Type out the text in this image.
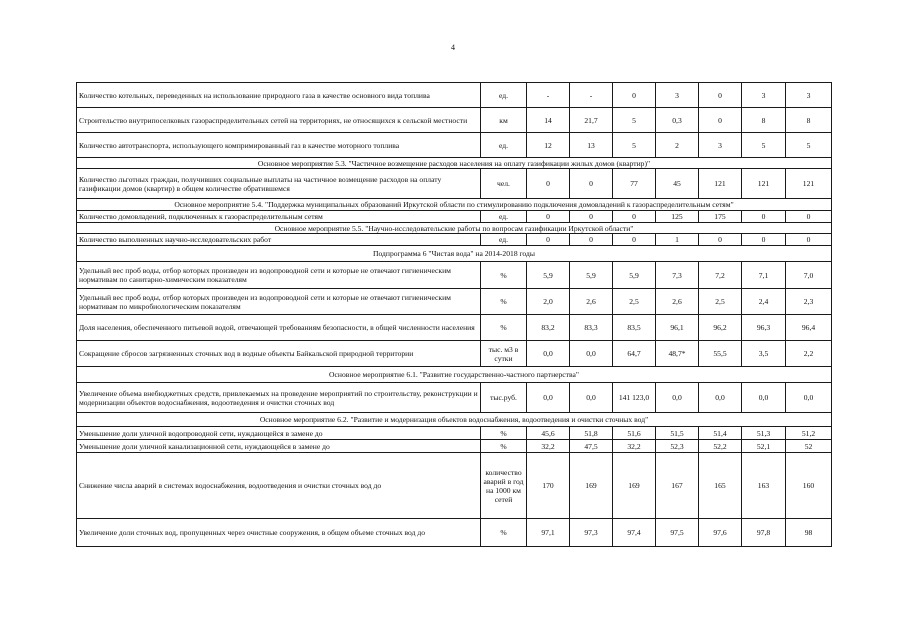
4
Количество котельных, переведенных на использование природного газа в качестве основного вида топлива	ед.	-	-	0	3	0	3	3
Строительство внутрипоселковых газораспределительных сетей на территориях, не относящихся к сельской местности	км	14	21,7	5	0,3	0	8	8
Количество автотранспорта, использующего компримированный газ в качестве моторного топлива	ед.	12	13	5	2	3	5	5
Основное мероприятие 5.3. "Частичное возмещение расходов населения на оплату газификации жилых домов (квартир)"								
Количество льготных граждан, получивших социальные выплаты на частичное возмещение расходов на оплату газификации домов (квартир) в общем количестве обратившемся	чел.	0	0	77	45	121	121	121
Основное мероприятие 5.4. "Поддержка муниципальных образований Иркутской области по стимулированию подключения домовладений к газораспределительным сетям"								
Количество домовладений, подключенных к газораспределительным сетям	ед.	0	0	0	125	175	0	0
Основное мероприятие 5.5. "Научно-исследовательские работы по вопросам газификации Иркутской области"								
Количество выполненных научно-исследовательских работ	ед.	0	0	0	1	0	0	0
Подпрограмма 6 "Чистая вода" на 2014-2018 годы								
Удельный вес проб воды, отбор которых произведен из водопроводной сети и которые не отвечают гигиеническим нормативам по санитарно-химическим показателям	%	5,9	5,9	5,9	7,3	7,2	7,1	7,0
Удельный вес проб воды, отбор которых произведен из водопроводной сети и которые не отвечают гигиеническим нормативам по микробиологическим показателям	%	2,0	2,6	2,5	2,6	2,5	2,4	2,3
Доля населения, обеспеченного питьевой водой, отвечающей требованиям безопасности, в общей численности населения	%	83,2	83,3	83,5	96,1	96,2	96,3	96,4
Сокращение сбросов загрязненных сточных вод в водные объекты Байкальской природной территории	тыс. м3 в сутки	0,0	0,0	64,7	48,7*	55,5	3,5	2,2
Основное мероприятие 6.1. "Развитие государственно-частного партнерства"								
Увеличение объема внебюджетных средств, привлекаемых на проведение мероприятий по строительству, реконструкции и модернизации объектов водоснабжения, водоотведения и очистки сточных вод	тыс.руб.	0,0	0,0	141 123,0	0,0	0,0	0,0	0,0
Основное мероприятие 6.2. "Развитие и модернизация объектов водоснабжения, водоотведения и очистки сточных вод"								
Уменьшение доли уличной водопроводной сети, нуждающейся в замене до	%	45,6	51,8	51,6	51,5	51,4	51,3	51,2
Уменьшение доли уличной канализационной сети, нуждающейся в замене до	%	32,2	47,5	32,2	52,3	52,2	52,1	52
Снижение числа аварий в системах водоснабжения, водоотведения и очистки сточных вод до	количество аварий в год на 1000 км сетей	170	169	169	167	165	163	160
Увеличение доли сточных вод, пропущенных через очистные сооружения, в общем объеме сточных вод до	%	97,1	97,3	97,4	97,5	97,6	97,8	98
